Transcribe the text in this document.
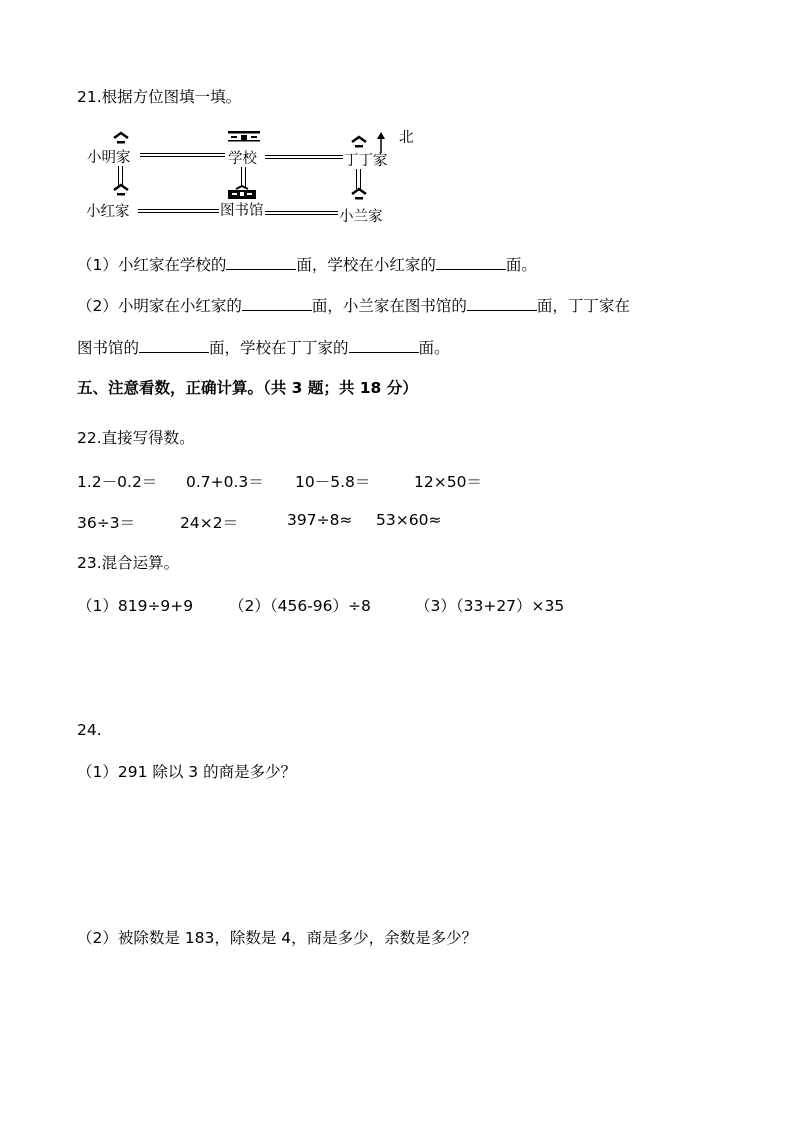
21.根据方位图填一填。
小明家	学校	丁丁家
小红家	图书馆	小兰家
北
（1）小红家在学校的	面，学校在小红家的	面。
（2）小明家在小红家的	面，小兰家在图书馆的	面，丁丁家在
图书馆的	面，学校在丁丁家的	面。
五、注意看数，正确计算。（共 3 题；共 18 分）
22.直接写得数。
1.2－0.2＝ 0.7+0.3＝ 10－5.8＝	12×50＝
36÷3＝	24×2＝	397÷8≈ 53×60≈
23.混合运算。
（1）819÷9+9 （2）（456-96）÷8	（3）（33+27）×35
24.
（1）291 除以 3 的商是多少？
（2）被除数是 183，除数是 4，商是多少，余数是多少？
